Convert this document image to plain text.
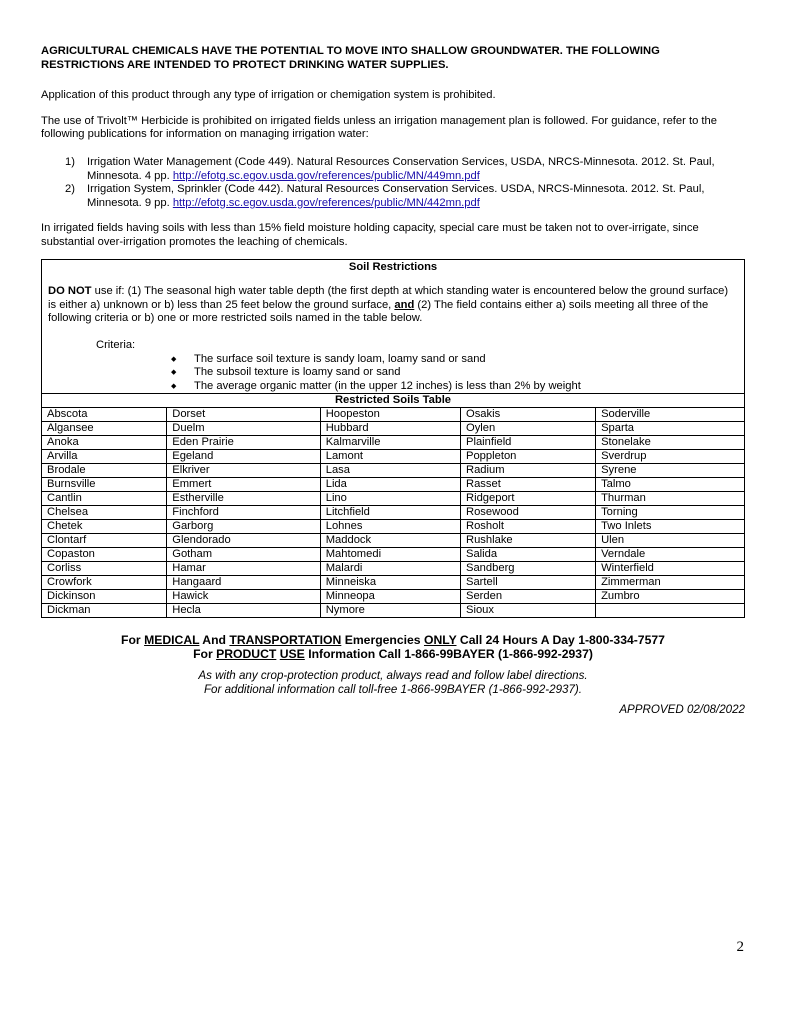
AGRICULTURAL CHEMICALS HAVE THE POTENTIAL TO MOVE INTO SHALLOW GROUNDWATER. THE FOLLOWING RESTRICTIONS ARE INTENDED TO PROTECT DRINKING WATER SUPPLIES.

Application of this product through any type of irrigation or chemigation system is prohibited.

The use of Trivolt™ Herbicide is prohibited on irrigated fields unless an irrigation management plan is followed. For guidance, refer to the following publications for information on managing irrigation water:

1) Irrigation Water Management (Code 449). Natural Resources Conservation Services, USDA, NRCS-Minnesota. 2012. St. Paul, Minnesota. 4 pp. http://efotg.sc.egov.usda.gov/references/public/MN/449mn.pdf
2) Irrigation System, Sprinkler (Code 442). Natural Resources Conservation Services. USDA, NRCS-Minnesota. 2012. St. Paul, Minnesota. 9 pp. http://efotg.sc.egov.usda.gov/references/public/MN/442mn.pdf

In irrigated fields having soils with less than 15% field moisture holding capacity, special care must be taken not to over-irrigate, since substantial over-irrigation promotes the leaching of chemicals.

Soil Restrictions

DO NOT use if: (1) The seasonal high water table depth (the first depth at which standing water is encountered below the ground surface) is either a) unknown or b) less than 25 feet below the ground surface, and (2) The field contains either a) soils meeting all three of the following criteria or b) one or more restricted soils named in the table below.

Criteria:
◆ The surface soil texture is sandy loam, loamy sand or sand
◆ The subsoil texture is loamy sand or sand
◆ The average organic matter (in the upper 12 inches) is less than 2% by weight
Restricted Soils Table				
Abscota	Dorset	Hoopeston	Osakis	Soderville
Algansee	Duelm	Hubbard	Oylen	Sparta
Anoka	Eden Prairie	Kalmarville	Plainfield	Stonelake
Arvilla	Egeland	Lamont	Poppleton	Sverdrup
Brodale	Elkriver	Lasa	Radium	Syrene
Burnsville	Emmert	Lida	Rasset	Talmo
Cantlin	Estherville	Lino	Ridgeport	Thurman
Chelsea	Finchford	Litchfield	Rosewood	Torning
Chetek	Garborg	Lohnes	Rosholt	Two Inlets
Clontarf	Glendorado	Maddock	Rushlake	Ulen
Copaston	Gotham	Mahtomedi	Salida	Verndale
Corliss	Hamar	Malardi	Sandberg	Winterfield
Crowfork	Hangaard	Minneiska	Sartell	Zimmerman
Dickinson	Hawick	Minneopa	Serden	Zumbro
Dickman	Hecla	Nymore	Sioux	
For MEDICAL And TRANSPORTATION Emergencies ONLY Call 24 Hours A Day 1-800-334-7577
For PRODUCT USE Information Call 1-866-99BAYER (1-866-992-2937)
As with any crop-protection product, always read and follow label directions.
For additional information call toll-free 1-866-99BAYER (1-866-992-2937).
APPROVED 02/08/2022
2
